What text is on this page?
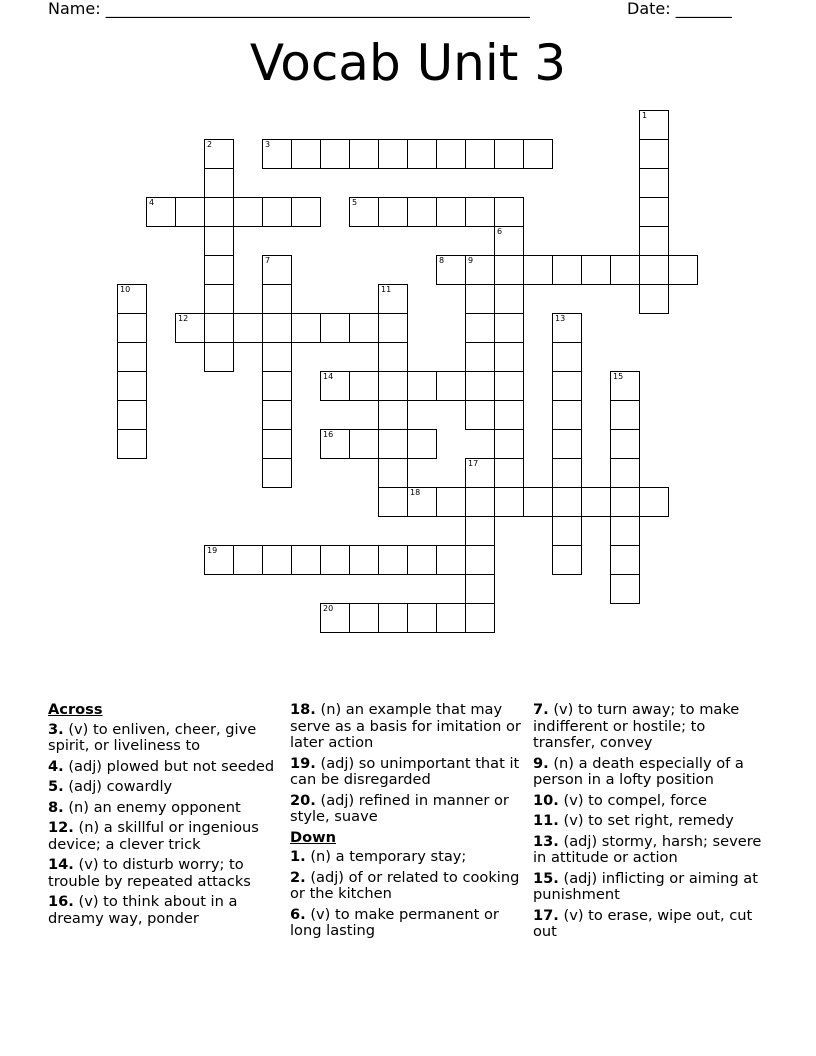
Name: _____________________________________________________	Date: _______
Vocab Unit 3
1
2	3
4	5
6
7	8	9
10	11
12	13
14	15
16
17
18
19
20
Across
3. (v) to enliven, cheer, give spirit, or liveliness to
4. (adj) plowed but not seeded
5. (adj) cowardly
8. (n) an enemy opponent
12. (n) a skillful or ingenious device; a clever trick
14. (v) to disturb worry; to trouble by repeated attacks
16. (v) to think about in a dreamy way, ponder
18. (n) an example that may serve as a basis for imitation or later action
19. (adj) so unimportant that it can be disregarded
20. (adj) refined in manner or style, suave
Down
1. (n) a temporary stay;
2. (adj) of or related to cooking or the kitchen
6. (v) to make permanent or long lasting
7. (v) to turn away; to make indifferent or hostile; to transfer, convey
9. (n) a death especially of a person in a lofty position
10. (v) to compel, force
11. (v) to set right, remedy
13. (adj) stormy, harsh; severe in attitude or action
15. (adj) inflicting or aiming at punishment
17. (v) to erase, wipe out, cut out
